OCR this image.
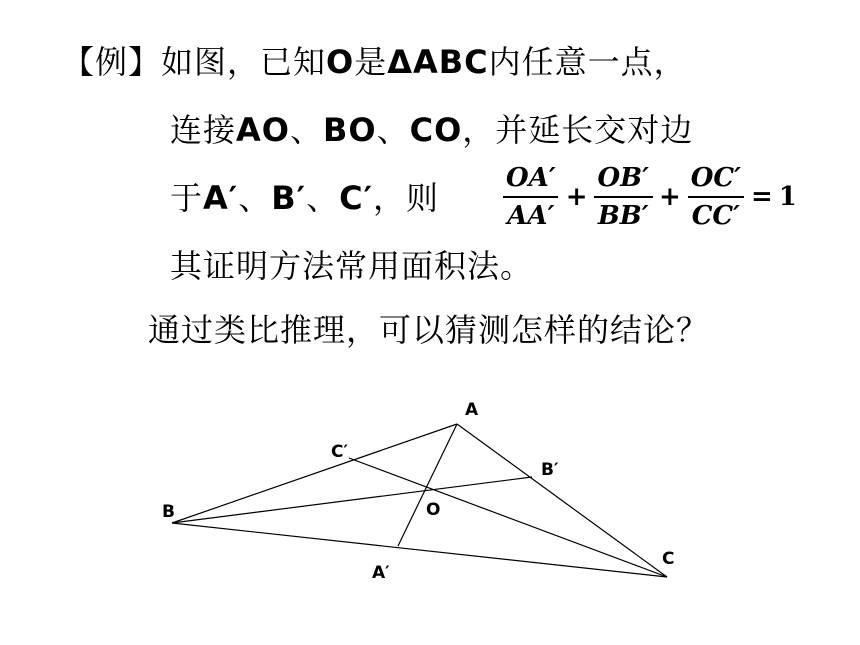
【例】如图，已知O是ΔABC内任意一点，
连接AO、BO、CO，并延长交对边
于A′、B′、C′，则
其证明方法常用面积法。
通过类比推理，可以猜测怎样的结论？
$\frac{OA'}{AA'} + \frac{OB'}{BB'} + \frac{OC'}{CC'} = 1$
A
B
C
O
A′
B′
C′
